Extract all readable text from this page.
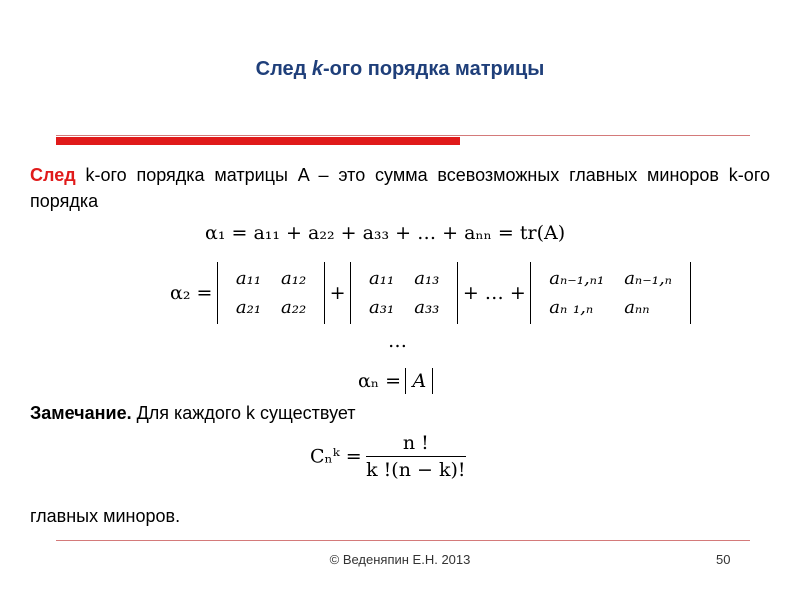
След k-ого порядка матрицы
След k-ого порядка матрицы A – это сумма всевозможных главных миноров k-ого порядка
α₁ = a₁₁ + a₂₂ + a₃₃ + … + aₙₙ = tr(A)
α₂ =
a₁₁	a₁₂
a₂₁	a₂₂
+
a₁₁	a₁₃
a₃₁	a₃₃
+ … +
aₙ₋₁,ₙ₁	aₙ₋₁,ₙ
aₙ ₁,ₙ	aₙₙ
…
αₙ = A
Замечание. Для каждого k существует
Cₙᵏ = $\frac{n !}{k !(n - k)!}$
главных миноров.
© Веденяпин Е.Н. 2013	50
